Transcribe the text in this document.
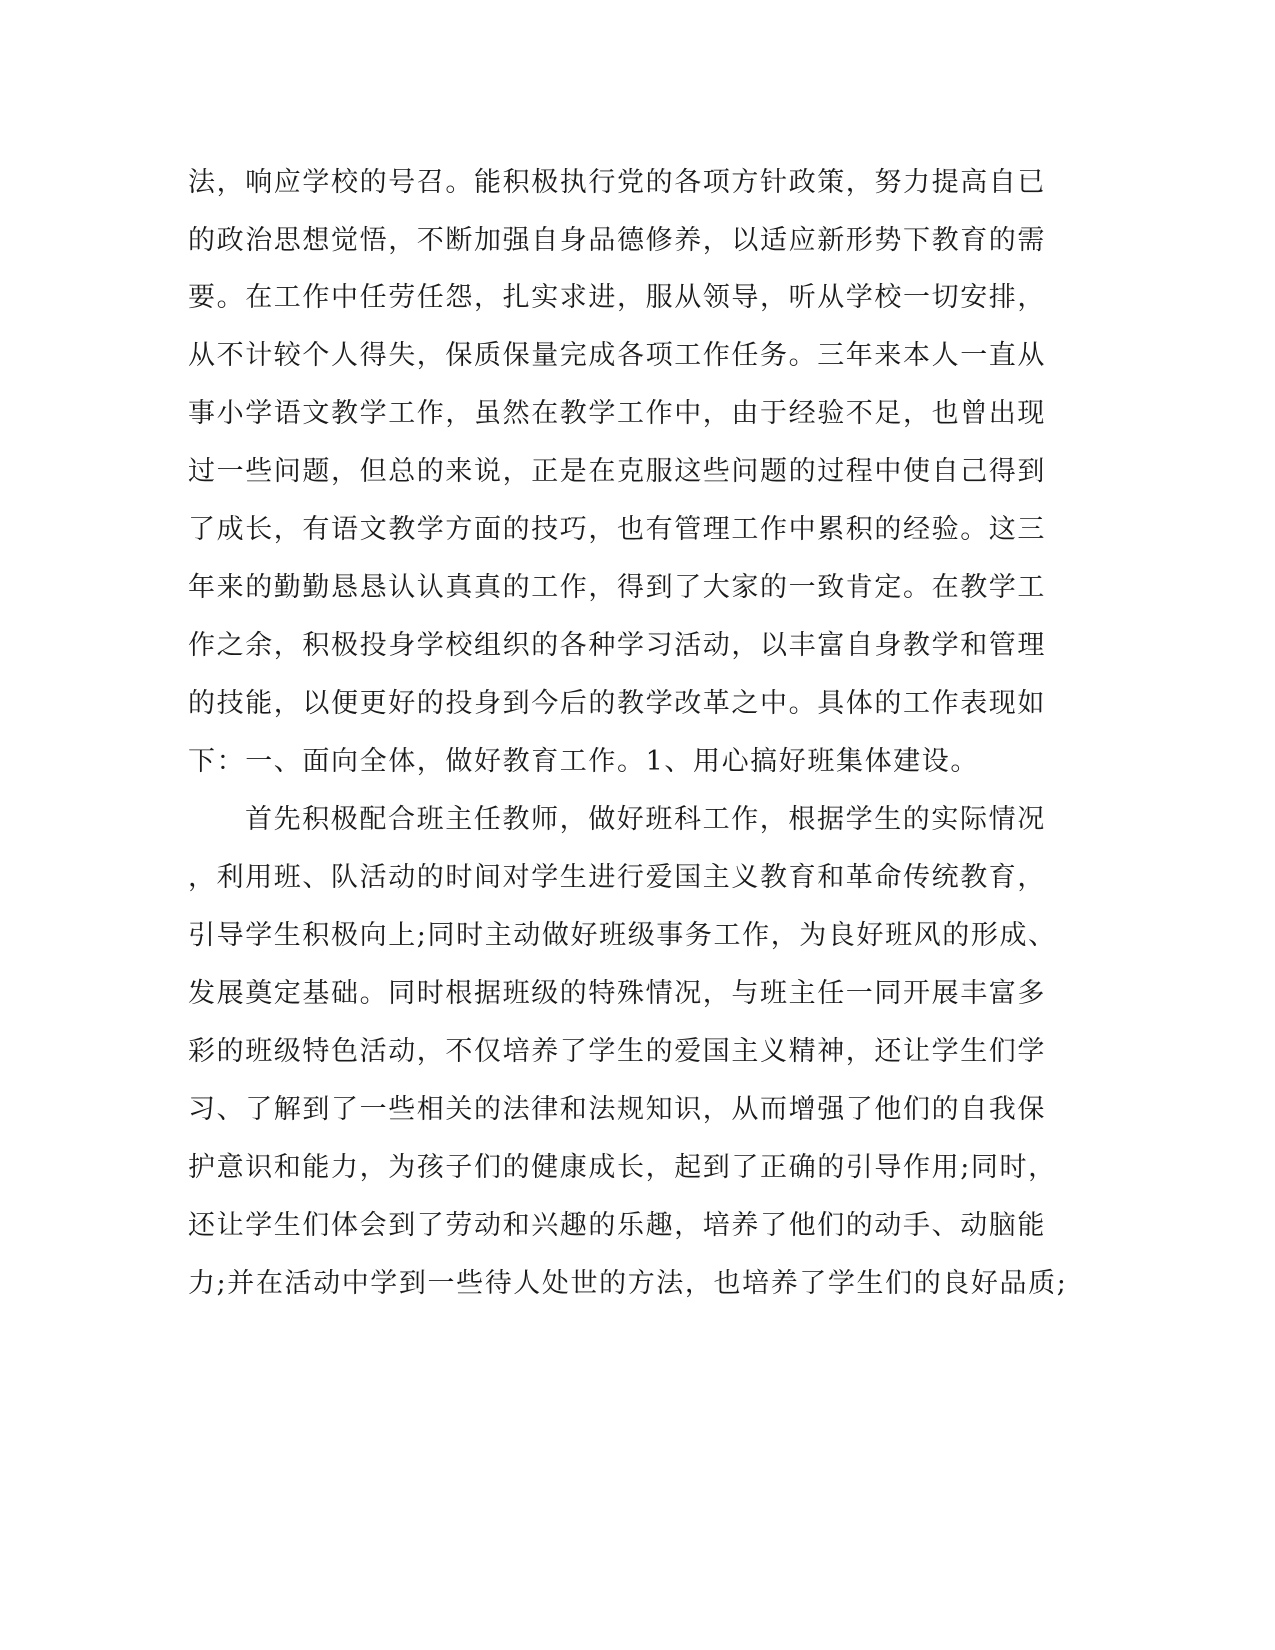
法，响应学校的号召。能积极执行党的各项方针政策，努力提高自已
的政治思想觉悟，不断加强自身品德修养，以适应新形势下教育的需
要。在工作中任劳任怨，扎实求进，服从领导，听从学校一切安排，
从不计较个人得失，保质保量完成各项工作任务。三年来本人一直从
事小学语文教学工作，虽然在教学工作中，由于经验不足，也曾出现
过一些问题，但总的来说，正是在克服这些问题的过程中使自己得到
了成长，有语文教学方面的技巧，也有管理工作中累积的经验。这三
年来的勤勤恳恳认认真真的工作，得到了大家的一致肯定。在教学工
作之余，积极投身学校组织的各种学习活动，以丰富自身教学和管理
的技能，以便更好的投身到今后的教学改革之中。具体的工作表现如
下：一、面向全体，做好教育工作。1、用心搞好班集体建设。
首先积极配合班主任教师，做好班科工作，根据学生的实际情况
，利用班、队活动的时间对学生进行爱国主义教育和革命传统教育，
引导学生积极向上;同时主动做好班级事务工作，为良好班风的形成、
发展奠定基础。同时根据班级的特殊情况，与班主任一同开展丰富多
彩的班级特色活动，不仅培养了学生的爱国主义精神，还让学生们学
习、了解到了一些相关的法律和法规知识，从而增强了他们的自我保
护意识和能力，为孩子们的健康成长，起到了正确的引导作用;同时，
还让学生们体会到了劳动和兴趣的乐趣，培养了他们的动手、动脑能
力;并在活动中学到一些待人处世的方法，也培养了学生们的良好品质;
